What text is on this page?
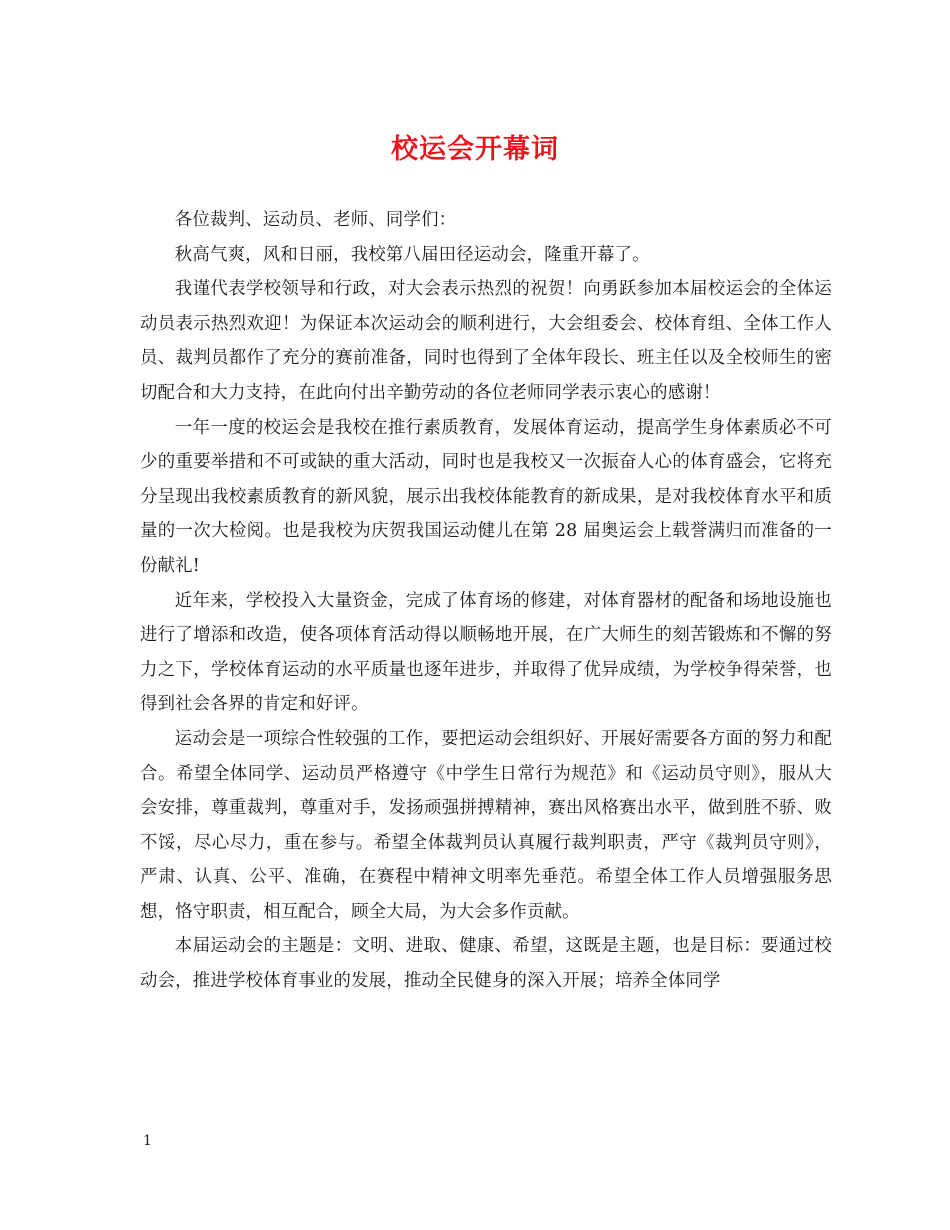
校运会开幕词

各位裁判、运动员、老师、同学们：

秋高气爽，风和日丽，我校第八届田径运动会，隆重开幕了。

我谨代表学校领导和行政，对大会表示热烈的祝贺！向勇跃参加本届校运会的全体运动员表示热烈欢迎！为保证本次运动会的顺利进行，大会组委会、校体育组、全体工作人员、裁判员都作了充分的赛前准备，同时也得到了全体年段长、班主任以及全校师生的密切配合和大力支持，在此向付出辛勤劳动的各位老师同学表示衷心的感谢！

一年一度的校运会是我校在推行素质教育，发展体育运动，提高学生身体素质必不可少的重要举措和不可或缺的重大活动，同时也是我校又一次振奋人心的体育盛会，它将充分呈现出我校素质教育的新风貌，展示出我校体能教育的新成果，是对我校体育水平和质量的一次大检阅。也是我校为庆贺我国运动健儿在第 28 届奥运会上载誉满归而准备的一份献礼!

近年来，学校投入大量资金，完成了体育场的修建，对体育器材的配备和场地设施也进行了增添和改造，使各项体育活动得以顺畅地开展，在广大师生的刻苦锻炼和不懈的努力之下，学校体育运动的水平质量也逐年进步，并取得了优异成绩，为学校争得荣誉，也得到社会各界的肯定和好评。

运动会是一项综合性较强的工作，要把运动会组织好、开展好需要各方面的努力和配合。希望全体同学、运动员严格遵守《中学生日常行为规范》和《运动员守则》，服从大会安排，尊重裁判，尊重对手，发扬顽强拼搏精神，赛出风格赛出水平，做到胜不骄、败不馁，尽心尽力，重在参与。希望全体裁判员认真履行裁判职责，严守《裁判员守则》，严肃、认真、公平、准确，在赛程中精神文明率先垂范。希望全体工作人员增强服务思想，恪守职责，相互配合，顾全大局，为大会多作贡献。

本届运动会的主题是：文明、进取、健康、希望，这既是主题，也是目标：要通过校动会，推进学校体育事业的发展，推动全民健身的深入开展；培养全体同学

1
